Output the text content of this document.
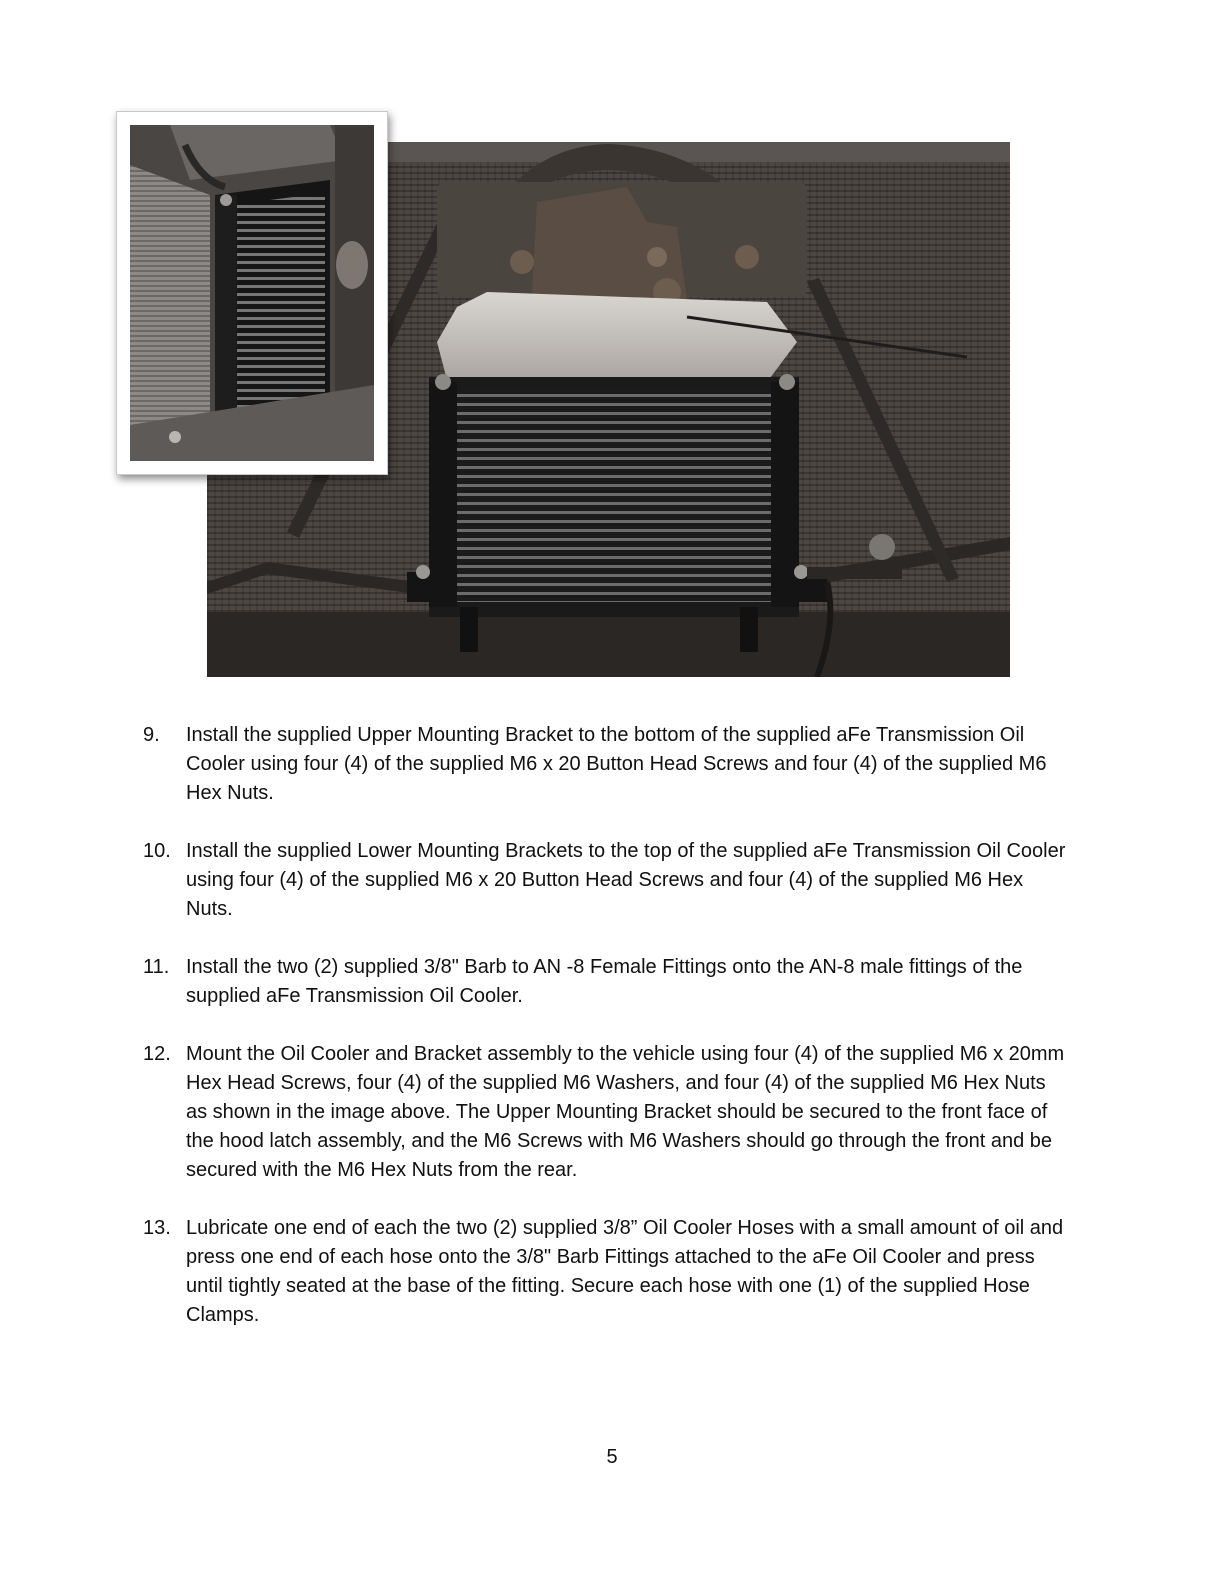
9. Install the supplied Upper Mounting Bracket to the bottom of the supplied aFe Transmission Oil Cooler using four (4) of the supplied M6 x 20 Button Head Screws and four (4) of the supplied M6 Hex Nuts.
10. Install the supplied Lower Mounting Brackets to the top of the supplied aFe Transmission Oil Cooler using four (4) of the supplied M6 x 20 Button Head Screws and four (4) of the supplied M6 Hex Nuts.
11. Install the two (2) supplied 3/8" Barb to AN -8 Female Fittings onto the AN-8 male fittings of the supplied aFe Transmission Oil Cooler.
12. Mount the Oil Cooler and Bracket assembly to the vehicle using four (4) of the supplied M6 x 20mm Hex Head Screws, four (4) of the supplied M6 Washers, and four (4) of the supplied M6 Hex Nuts as shown in the image above. The Upper Mounting Bracket should be secured to the front face of the hood latch assembly, and the M6 Screws with M6 Washers should go through the front and be secured with the M6 Hex Nuts from the rear.
13. Lubricate one end of each the two (2) supplied 3/8” Oil Cooler Hoses with a small amount of oil and press one end of each hose onto the 3/8" Barb Fittings attached to the aFe Oil Cooler and press until tightly seated at the base of the fitting. Secure each hose with one (1) of the supplied Hose Clamps.
5
